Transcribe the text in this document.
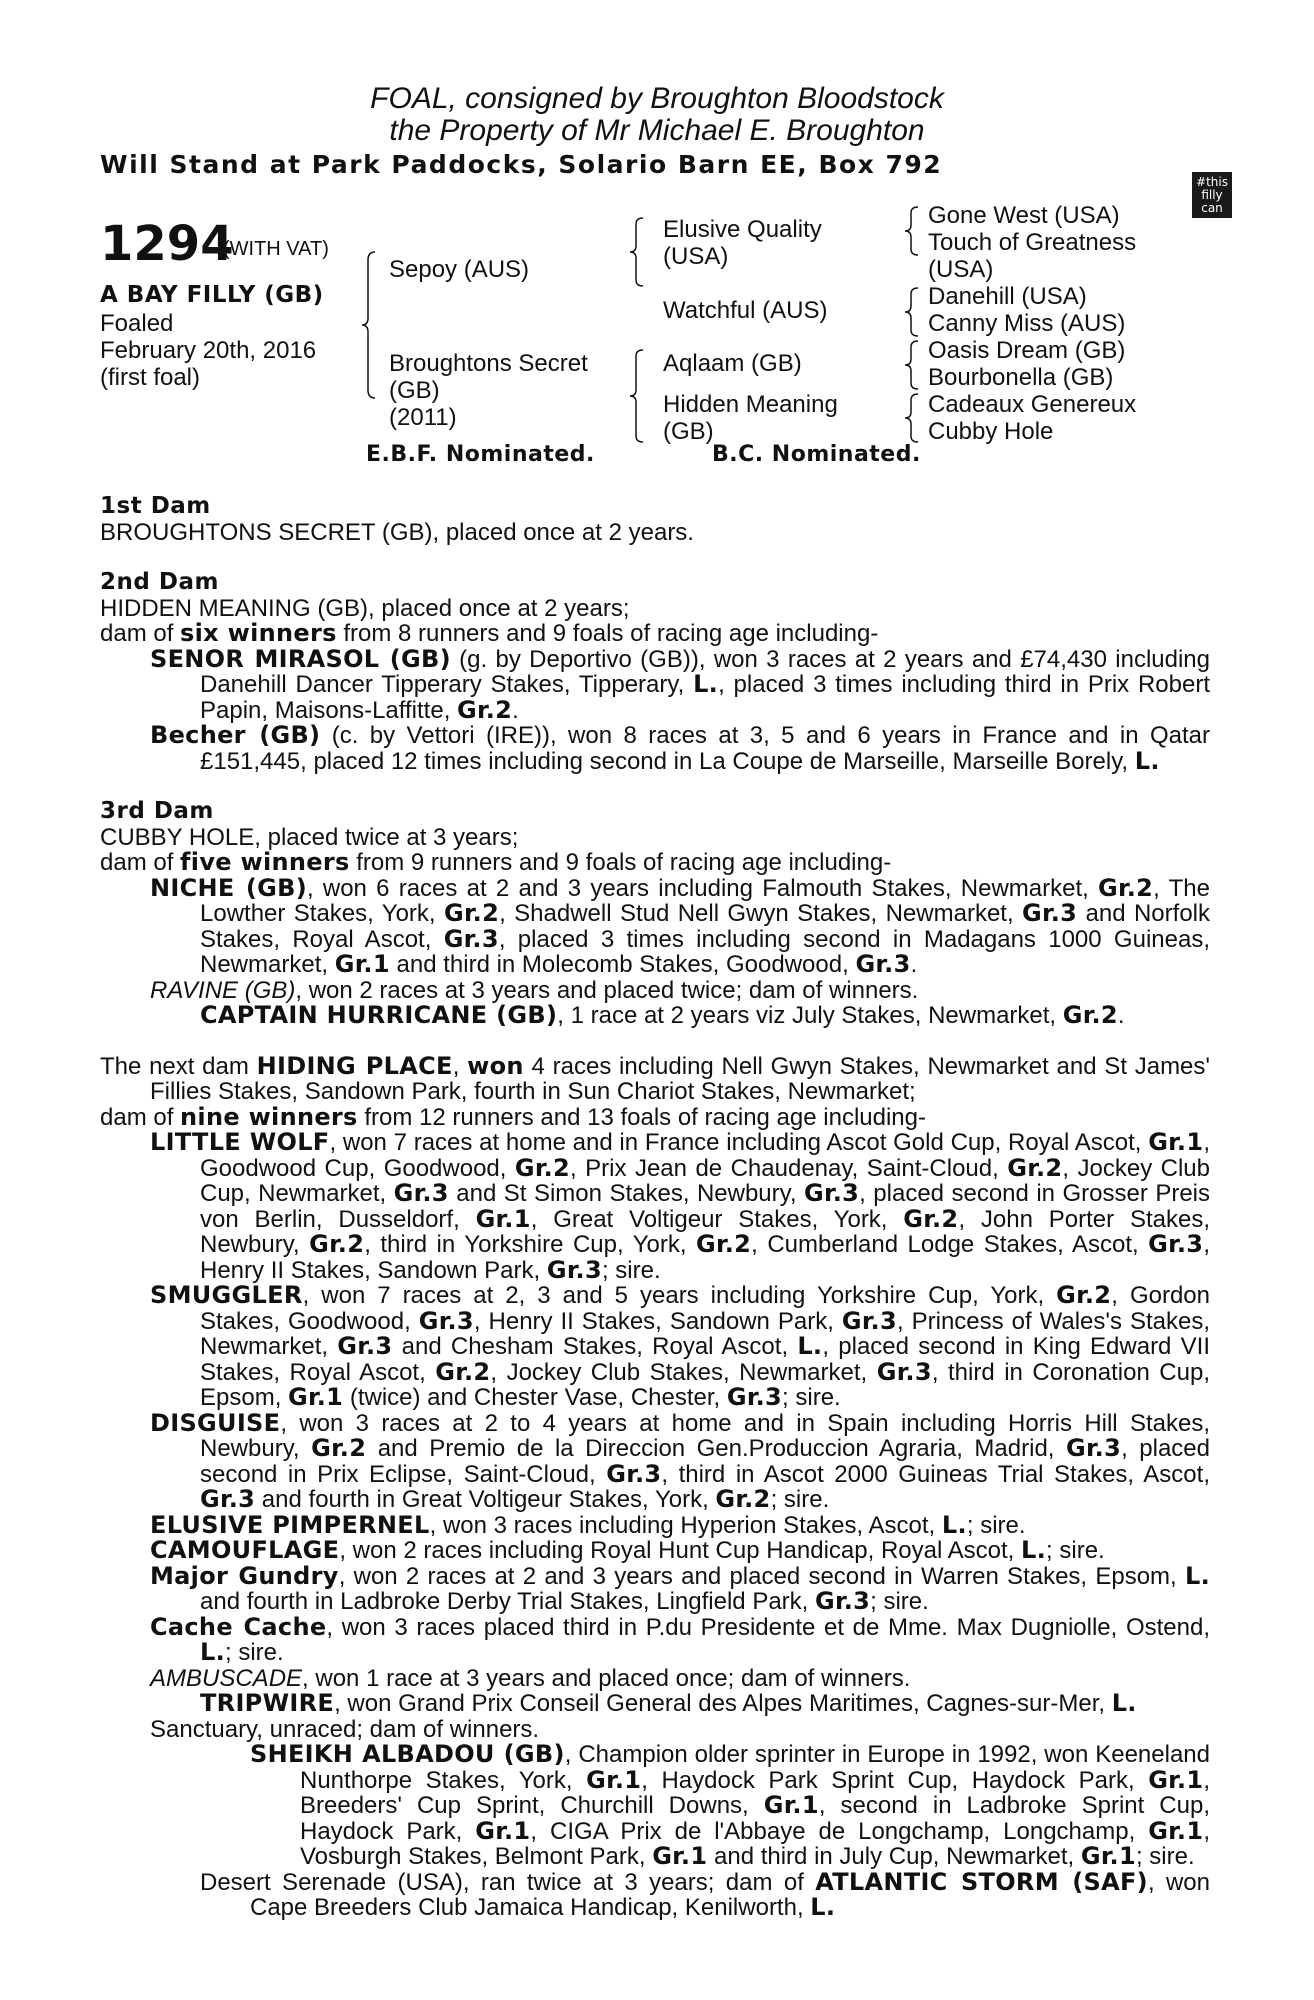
FOAL, consigned by Broughton Bloodstock
the Property of Mr Michael E. Broughton
Will Stand at Park Paddocks, Solario Barn EE, Box 792
#this
filly
can
1294
(WITH VAT)
A BAY FILLY (GB)
Foaled
February 20th, 2016
(first foal)
Sepoy (AUS)
Broughtons Secret
(GB)
(2011)
Elusive Quality
(USA)
Watchful (AUS)
Aqlaam (GB)
Hidden Meaning
(GB)
Gone West (USA)
Touch of Greatness
(USA)
Danehill (USA)
Canny Miss (AUS)
Oasis Dream (GB)
Bourbonella (GB)
Cadeaux Genereux
Cubby Hole
E.B.F. Nominated.	B.C. Nominated.

1st Dam

BROUGHTONS SECRET (GB), placed once at 2 years.

2nd Dam

HIDDEN MEANING (GB), placed once at 2 years;

dam of six winners from 8 runners and 9 foals of racing age including-

SENOR MIRASOL (GB) (g. by Deportivo (GB)), won 3 races at 2 years and £74,430 including Danehill Dancer Tipperary Stakes, Tipperary, L., placed 3 times including third in Prix Robert Papin, Maisons-Laffitte, Gr.2.

Becher (GB) (c. by Vettori (IRE)), won 8 races at 3, 5 and 6 years in France and in Qatar £151,445, placed 12 times including second in La Coupe de Marseille, Marseille Borely, L.

3rd Dam

CUBBY HOLE, placed twice at 3 years;

dam of five winners from 9 runners and 9 foals of racing age including-

NICHE (GB), won 6 races at 2 and 3 years including Falmouth Stakes, Newmarket, Gr.2, The Lowther Stakes, York, Gr.2, Shadwell Stud Nell Gwyn Stakes, Newmarket, Gr.3 and Norfolk Stakes, Royal Ascot, Gr.3, placed 3 times including second in Madagans 1000 Guineas, Newmarket, Gr.1 and third in Molecomb Stakes, Goodwood, Gr.3.

RAVINE (GB), won 2 races at 3 years and placed twice; dam of winners.

CAPTAIN HURRICANE (GB), 1 race at 2 years viz July Stakes, Newmarket, Gr.2.

The next dam HIDING PLACE, won 4 races including Nell Gwyn Stakes, Newmarket and St James' Fillies Stakes, Sandown Park, fourth in Sun Chariot Stakes, Newmarket;

dam of nine winners from 12 runners and 13 foals of racing age including-

LITTLE WOLF, won 7 races at home and in France including Ascot Gold Cup, Royal Ascot, Gr.1, Goodwood Cup, Goodwood, Gr.2, Prix Jean de Chaudenay, Saint-Cloud, Gr.2, Jockey Club Cup, Newmarket, Gr.3 and St Simon Stakes, Newbury, Gr.3, placed second in Grosser Preis von Berlin, Dusseldorf, Gr.1, Great Voltigeur Stakes, York, Gr.2, John Porter Stakes, Newbury, Gr.2, third in Yorkshire Cup, York, Gr.2, Cumberland Lodge Stakes, Ascot, Gr.3, Henry II Stakes, Sandown Park, Gr.3; sire.

SMUGGLER, won 7 races at 2, 3 and 5 years including Yorkshire Cup, York, Gr.2, Gordon Stakes, Goodwood, Gr.3, Henry II Stakes, Sandown Park, Gr.3, Princess of Wales's Stakes, Newmarket, Gr.3 and Chesham Stakes, Royal Ascot, L., placed second in King Edward VII Stakes, Royal Ascot, Gr.2, Jockey Club Stakes, Newmarket, Gr.3, third in Coronation Cup, Epsom, Gr.1 (twice) and Chester Vase, Chester, Gr.3; sire.

DISGUISE, won 3 races at 2 to 4 years at home and in Spain including Horris Hill Stakes, Newbury, Gr.2 and Premio de la Direccion Gen.Produccion Agraria, Madrid, Gr.3, placed second in Prix Eclipse, Saint-Cloud, Gr.3, third in Ascot 2000 Guineas Trial Stakes, Ascot, Gr.3 and fourth in Great Voltigeur Stakes, York, Gr.2; sire.

ELUSIVE PIMPERNEL, won 3 races including Hyperion Stakes, Ascot, L.; sire.

CAMOUFLAGE, won 2 races including Royal Hunt Cup Handicap, Royal Ascot, L.; sire.

Major Gundry, won 2 races at 2 and 3 years and placed second in Warren Stakes, Epsom, L. and fourth in Ladbroke Derby Trial Stakes, Lingfield Park, Gr.3; sire.

Cache Cache, won 3 races placed third in P.du Presidente et de Mme. Max Dugniolle, Ostend, L.; sire.

AMBUSCADE, won 1 race at 3 years and placed once; dam of winners.

TRIPWIRE, won Grand Prix Conseil General des Alpes Maritimes, Cagnes-sur-Mer, L.

Sanctuary, unraced; dam of winners.

SHEIKH ALBADOU (GB), Champion older sprinter in Europe in 1992, won Keeneland Nunthorpe Stakes, York, Gr.1, Haydock Park Sprint Cup, Haydock Park, Gr.1, Breeders' Cup Sprint, Churchill Downs, Gr.1, second in Ladbroke Sprint Cup, Haydock Park, Gr.1, CIGA Prix de l'Abbaye de Longchamp, Longchamp, Gr.1, Vosburgh Stakes, Belmont Park, Gr.1 and third in July Cup, Newmarket, Gr.1; sire.

Desert Serenade (USA), ran twice at 3 years; dam of ATLANTIC STORM (SAF), won Cape Breeders Club Jamaica Handicap, Kenilworth, L.
